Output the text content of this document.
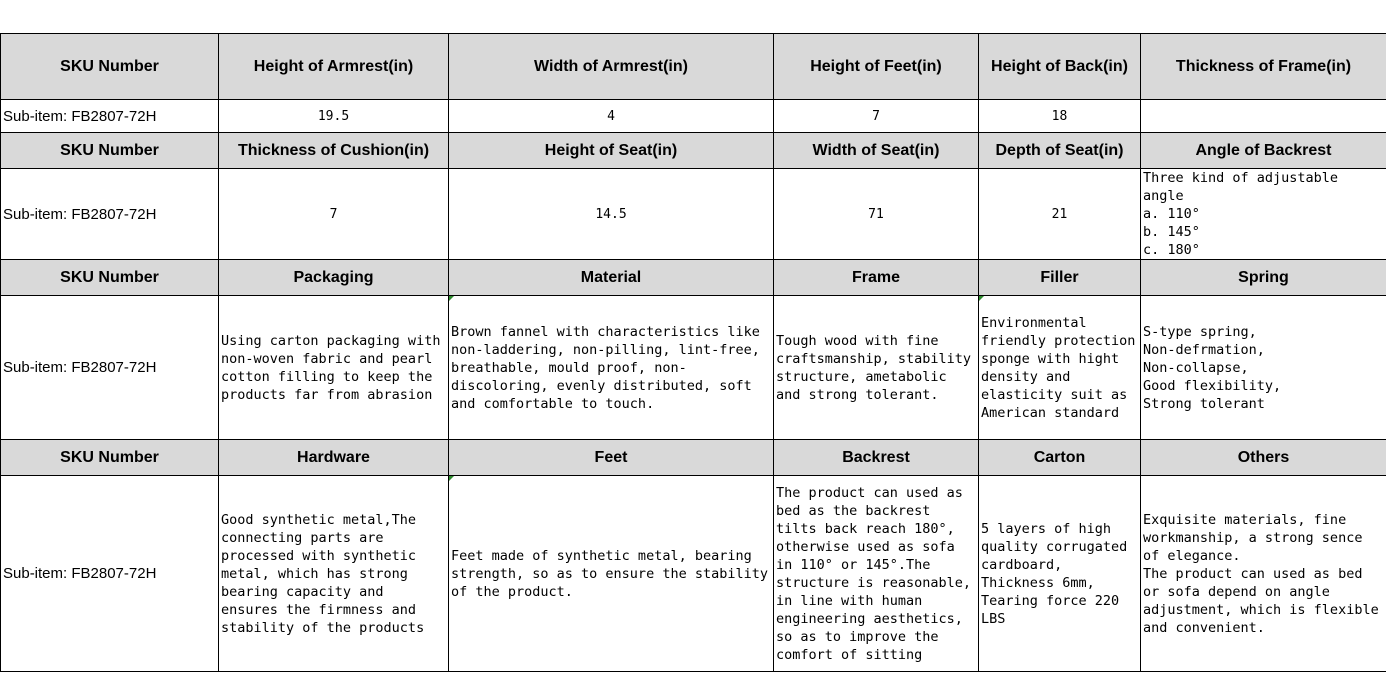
SKU Number	Height of Armrest(in)	Width of Armrest(in)	Height of Feet(in)	Height of Back(in)	Thickness of Frame(in)
Sub-item: FB2807-72H	19.5	4	7	18	
SKU Number	Thickness of Cushion(in)	Height of Seat(in)	Width of Seat(in)	Depth of Seat(in)	Angle of Backrest
Sub-item: FB2807-72H	7	14.5	71	21	Three kind of adjustable angle
a. 110°
b. 145°
c. 180°
SKU Number	Packaging	Material	Frame	Filler	Spring
Sub-item: FB2807-72H	Using carton packaging with non-woven fabric and pearl cotton filling to keep the products far from abrasion	Brown fannel with characteristics like non-laddering, non-pilling, lint-free, breathable, mould proof, non-discoloring, evenly distributed, soft and comfortable to touch.	Tough wood with fine craftsmanship, stability structure, ametabolic and strong tolerant.	Environmental friendly protection sponge with hight density and elasticity suit as American standard	S-type spring,
Non-defrmation,
Non-collapse,
Good flexibility,
Strong tolerant
SKU Number	Hardware	Feet	Backrest	Carton	Others
Sub-item: FB2807-72H	Good synthetic metal,The connecting parts are processed with synthetic metal, which has strong bearing capacity and ensures the firmness and stability of the products	Feet made of synthetic metal, bearing strength, so as to ensure the stability of the product.	The product can used as bed as the backrest tilts back reach 180°, otherwise used as sofa in 110° or 145°.The structure is reasonable, in line with human engineering aesthetics, so as to improve the comfort of sitting	5 layers of high quality corrugated cardboard, Thickness 6mm, Tearing force 220 LBS	Exquisite materials, fine workmanship, a strong sence of elegance.
The product can used as bed or sofa depend on angle adjustment, which is flexible and convenient.
